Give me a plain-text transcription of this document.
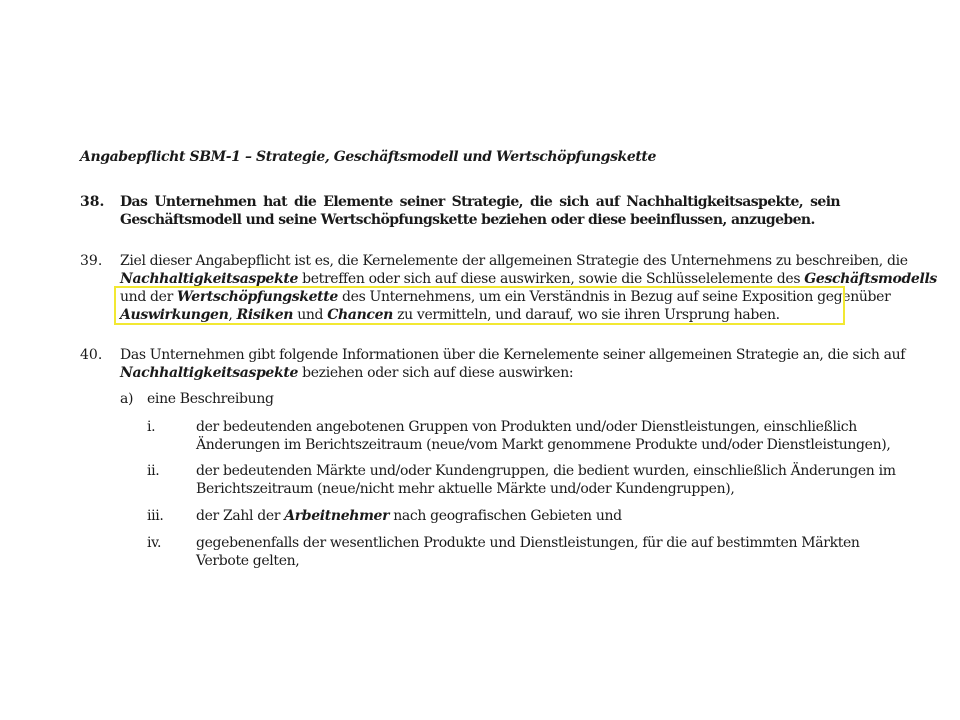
Angabepflicht SBM-1 – Strategie, Geschäftsmodell und Wertschöpfungskette
38. Das Unternehmen hat die Elemente seiner Strategie, die sich auf Nachhaltigkeitsaspekte, sein
Geschäftsmodell und seine Wertschöpfungskette beziehen oder diese beeinflussen, anzugeben.
39. Ziel dieser Angabepflicht ist es, die Kernelemente der allgemeinen Strategie des Unternehmens zu beschreiben, die
Nachhaltigkeitsaspekte betreffen oder sich auf diese auswirken, sowie die Schlüsselelemente des Geschäftsmodells
und der Wertschöpfungskette des Unternehmens, um ein Verständnis in Bezug auf seine Exposition gegenüber
Auswirkungen, Risiken und Chancen zu vermitteln, und darauf, wo sie ihren Ursprung haben.
40. Das Unternehmen gibt folgende Informationen über die Kernelemente seiner allgemeinen Strategie an, die sich auf
Nachhaltigkeitsaspekte beziehen oder sich auf diese auswirken:
a) eine Beschreibung
i.	der bedeutenden angebotenen Gruppen von Produkten und/oder Dienstleistungen, einschließlich
Änderungen im Berichtszeitraum (neue/vom Markt genommene Produkte und/oder Dienstleistungen),
ii.	der bedeutenden Märkte und/oder Kundengruppen, die bedient wurden, einschließlich Änderungen im
Berichtszeitraum (neue/nicht mehr aktuelle Märkte und/oder Kundengruppen),
iii. der Zahl der Arbeitnehmer nach geografischen Gebieten und
iv. gegebenenfalls der wesentlichen Produkte und Dienstleistungen, für die auf bestimmten Märkten
Verbote gelten,
